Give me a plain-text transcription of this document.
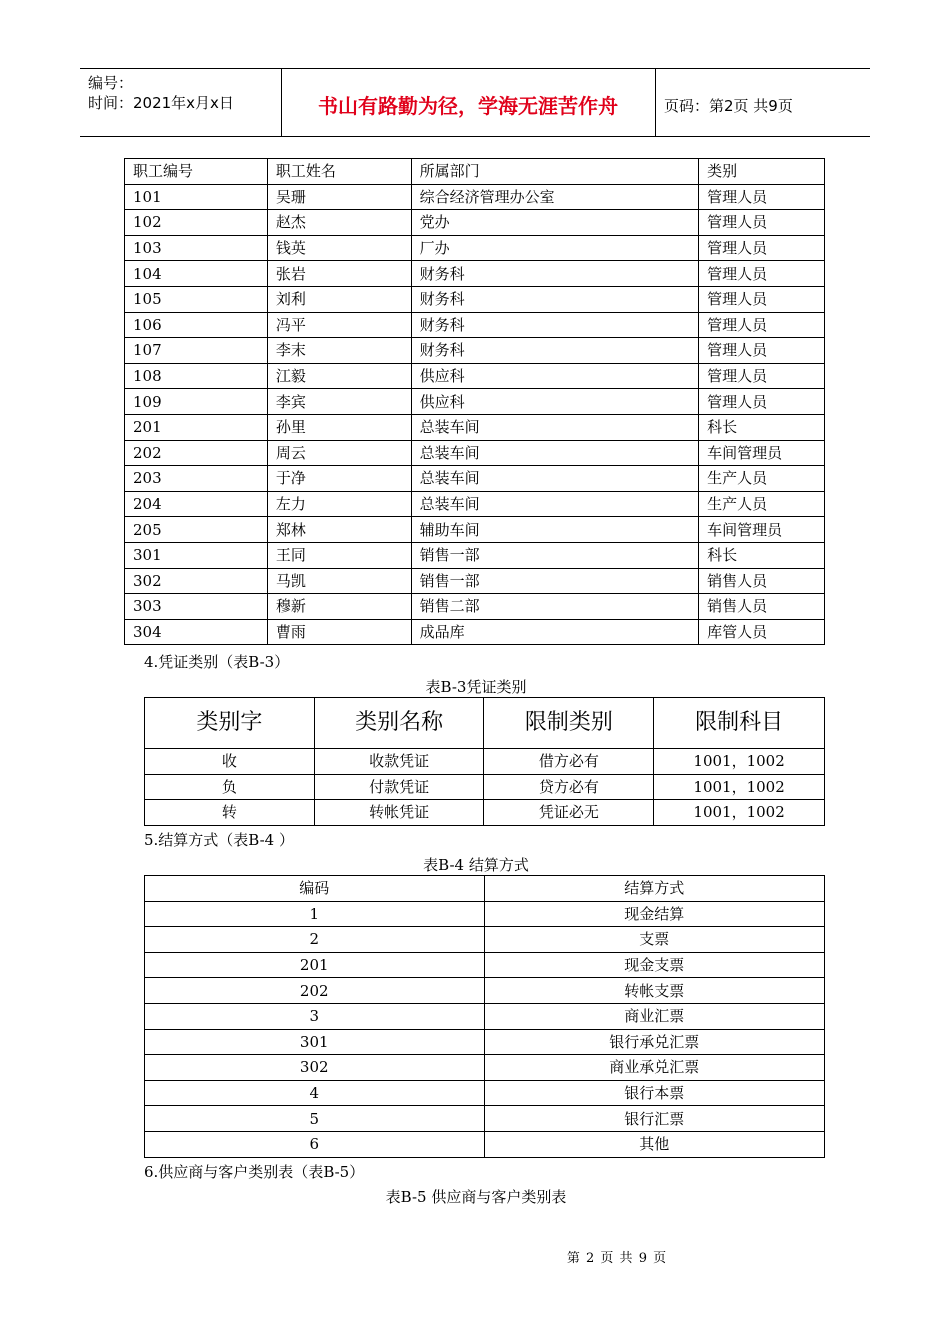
编号：
时间：2021年x月x日	书山有路勤为径，学海无涯苦作舟	页码：第2页 共9页
职工编号	职工姓名	所属部门	类别
101	吴珊	综合经济管理办公室	管理人员
102	赵杰	党办	管理人员
103	钱英	厂办	管理人员
104	张岩	财务科	管理人员
105	刘利	财务科	管理人员
106	冯平	财务科	管理人员
107	李末	财务科	管理人员
108	江毅	供应科	管理人员
109	李宾	供应科	管理人员
201	孙里	总装车间	科长
202	周云	总装车间	车间管理员
203	于净	总装车间	生产人员
204	左力	总装车间	生产人员
205	郑林	辅助车间	车间管理员
301	王同	销售一部	科长
302	马凯	销售一部	销售人员
303	穆新	销售二部	销售人员
304	曹雨	成品库	库管人员
4.凭证类别（表B-3）
表B-3凭证类别
类别字	类别名称	限制类别	限制科目
收	收款凭证	借方必有	1001，1002
负	付款凭证	贷方必有	1001，1002
转	转帐凭证	凭证必无	1001，1002
5.结算方式（表B-4 ）
表B-4 结算方式
编码	结算方式
1	现金结算
2	支票
201	现金支票
202	转帐支票
3	商业汇票
301	银行承兑汇票
302	商业承兑汇票
4	银行本票
5	银行汇票
6	其他
6.供应商与客户类别表（表B-5）
表B-5 供应商与客户类别表
第 2 页 共 9 页
